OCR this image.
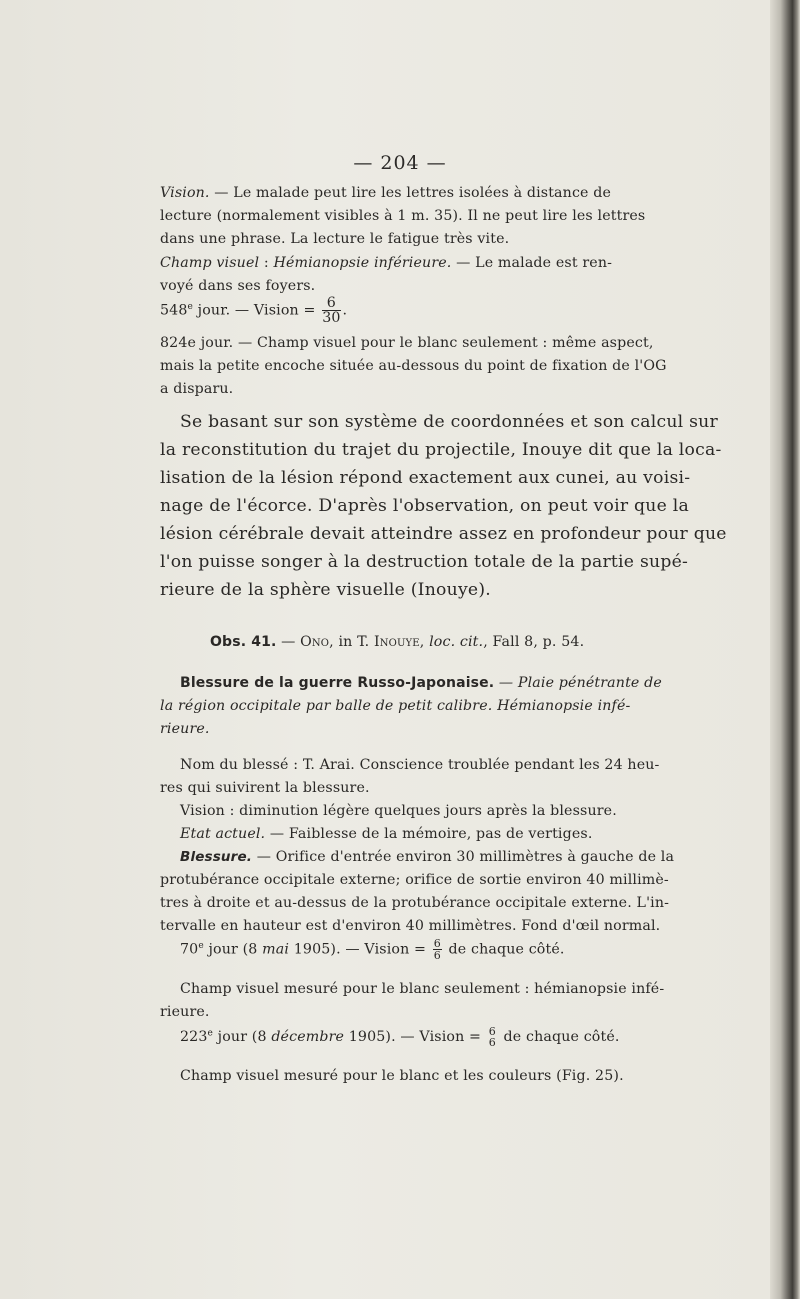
— 204 —
Vision. — Le malade peut lire les lettres isolées à distance de
lecture (normalement visibles à 1 m. 35). Il ne peut lire les lettres
dans une phrase. La lecture le fatigue très vite.
Champ visuel : Hémianopsie inférieure. — Le malade est ren-
voyé dans ses foyers.
548e jour. — Vision = $\frac{6}{30}$ .
824e jour. — Champ visuel pour le blanc seulement : même aspect,
mais la petite encoche située au-dessous du point de fixation de l'OG
a disparu.
Se basant sur son système de coordonnées et son calcul sur
la reconstitution du trajet du projectile, Inouye dit que la loca-
lisation de la lésion répond exactement aux cunei, au voisi-
nage de l'écorce. D'après l'observation, on peut voir que la
lésion cérébrale devait atteindre assez en profondeur pour que
l'on puisse songer à la destruction totale de la partie supé-
rieure de la sphère visuelle (Inouye).
Obs. 41. — Ono, in T. Inouye, loc. cit., Fall 8, p. 54.
Blessure de la guerre Russo-Japonaise. — Plaie pénétrante de
la région occipitale par balle de petit calibre. Hémianopsie infé-
rieure.
Nom du blessé : T. Arai. Conscience troublée pendant les 24 heu-
res qui suivirent la blessure.
Vision : diminution légère quelques jours après la blessure.
Etat actuel. — Faiblesse de la mémoire, pas de vertiges.
Blessure. — Orifice d'entrée environ 30 millimètres à gauche de la
protubérance occipitale externe; orifice de sortie environ 40 millimè-
tres à droite et au-dessus de la protubérance occipitale externe. L'in-
tervalle en hauteur est d'environ 40 millimètres. Fond d'œil normal.
70e jour (8 mai 1905). — Vision = $\frac{6}{6}$ de chaque côté.
Champ visuel mesuré pour le blanc seulement : hémianopsie infé-
rieure.
223e jour (8 décembre 1905). — Vision = 6
6 de chaque côté.
Champ visuel mesuré pour le blanc et les couleurs (Fig. 25).
